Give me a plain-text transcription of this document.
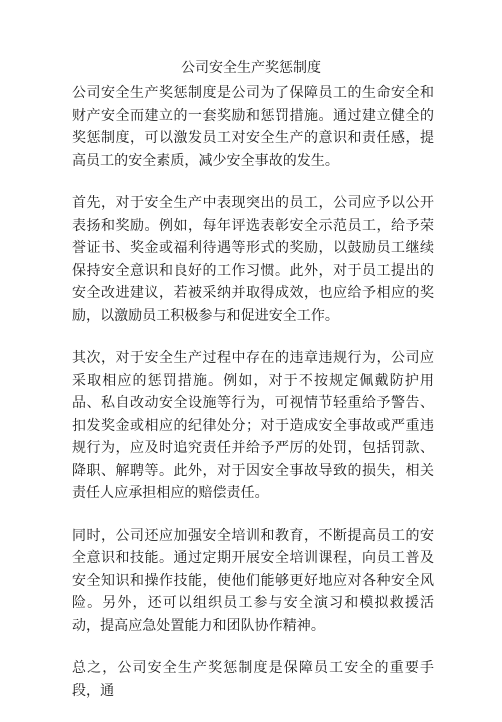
公司安全生产奖惩制度

公司安全生产奖惩制度是公司为了保障员工的生命安全和财产安全而建立的一套奖励和惩罚措施。通过建立健全的奖惩制度，可以激发员工对安全生产的意识和责任感，提高员工的安全素质，减少安全事故的发生。

首先，对于安全生产中表现突出的员工，公司应予以公开表扬和奖励。例如，每年评选表彰安全示范员工，给予荣誉证书、奖金或福利待遇等形式的奖励，以鼓励员工继续保持安全意识和良好的工作习惯。此外，对于员工提出的安全改进建议，若被采纳并取得成效，也应给予相应的奖励，以激励员工积极参与和促进安全工作。

其次，对于安全生产过程中存在的违章违规行为，公司应采取相应的惩罚措施。例如，对于不按规定佩戴防护用品、私自改动安全设施等行为，可视情节轻重给予警告、扣发奖金或相应的纪律处分；对于造成安全事故或严重违规行为，应及时追究责任并给予严厉的处罚，包括罚款、降职、解聘等。此外，对于因安全事故导致的损失，相关责任人应承担相应的赔偿责任。

同时，公司还应加强安全培训和教育，不断提高员工的安全意识和技能。通过定期开展安全培训课程，向员工普及安全知识和操作技能，使他们能够更好地应对各种安全风险。另外，还可以组织员工参与安全演习和模拟救援活动，提高应急处置能力和团队协作精神。

总之，公司安全生产奖惩制度是保障员工安全的重要手段，通
